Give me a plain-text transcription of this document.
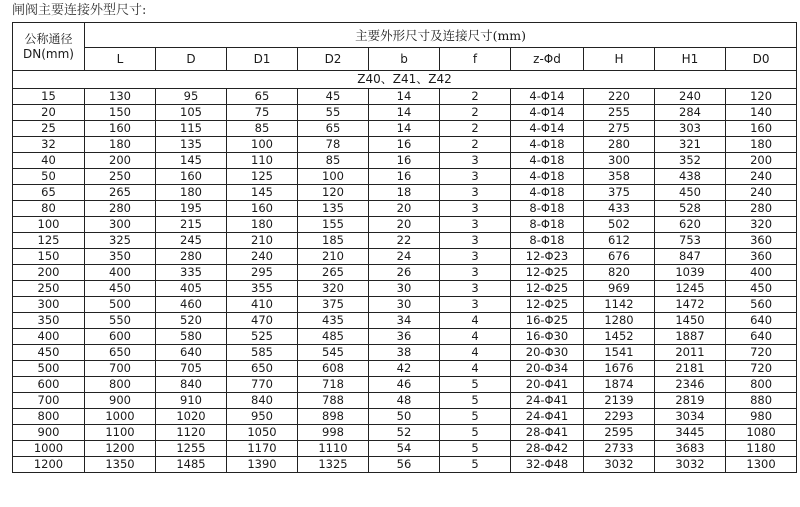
闸阀主要连接外型尺寸:
公称通径
DN(mm)	主要外形尺寸及连接尺寸(mm)									
	L	D	D1	D2	b	f	z-Φd	H	H1	D0
Z40、Z41、Z42										
15	130	95	65	45	14	2	4-Φ14	220	240	120
20	150	105	75	55	14	2	4-Φ14	255	284	140
25	160	115	85	65	14	2	4-Φ14	275	303	160
32	180	135	100	78	16	2	4-Φ18	280	321	180
40	200	145	110	85	16	3	4-Φ18	300	352	200
50	250	160	125	100	16	3	4-Φ18	358	438	240
65	265	180	145	120	18	3	4-Φ18	375	450	240
80	280	195	160	135	20	3	8-Φ18	433	528	280
100	300	215	180	155	20	3	8-Φ18	502	620	320
125	325	245	210	185	22	3	8-Φ18	612	753	360
150	350	280	240	210	24	3	12-Φ23	676	847	360
200	400	335	295	265	26	3	12-Φ25	820	1039	400
250	450	405	355	320	30	3	12-Φ25	969	1245	450
300	500	460	410	375	30	3	12-Φ25	1142	1472	560
350	550	520	470	435	34	4	16-Φ25	1280	1450	640
400	600	580	525	485	36	4	16-Φ30	1452	1887	640
450	650	640	585	545	38	4	20-Φ30	1541	2011	720
500	700	705	650	608	42	4	20-Φ34	1676	2181	720
600	800	840	770	718	46	5	20-Φ41	1874	2346	800
700	900	910	840	788	48	5	24-Φ41	2139	2819	880
800	1000	1020	950	898	50	5	24-Φ41	2293	3034	980
900	1100	1120	1050	998	52	5	28-Φ41	2595	3445	1080
1000	1200	1255	1170	1110	54	5	28-Φ42	2733	3683	1180
1200	1350	1485	1390	1325	56	5	32-Φ48	3032	3032	1300
